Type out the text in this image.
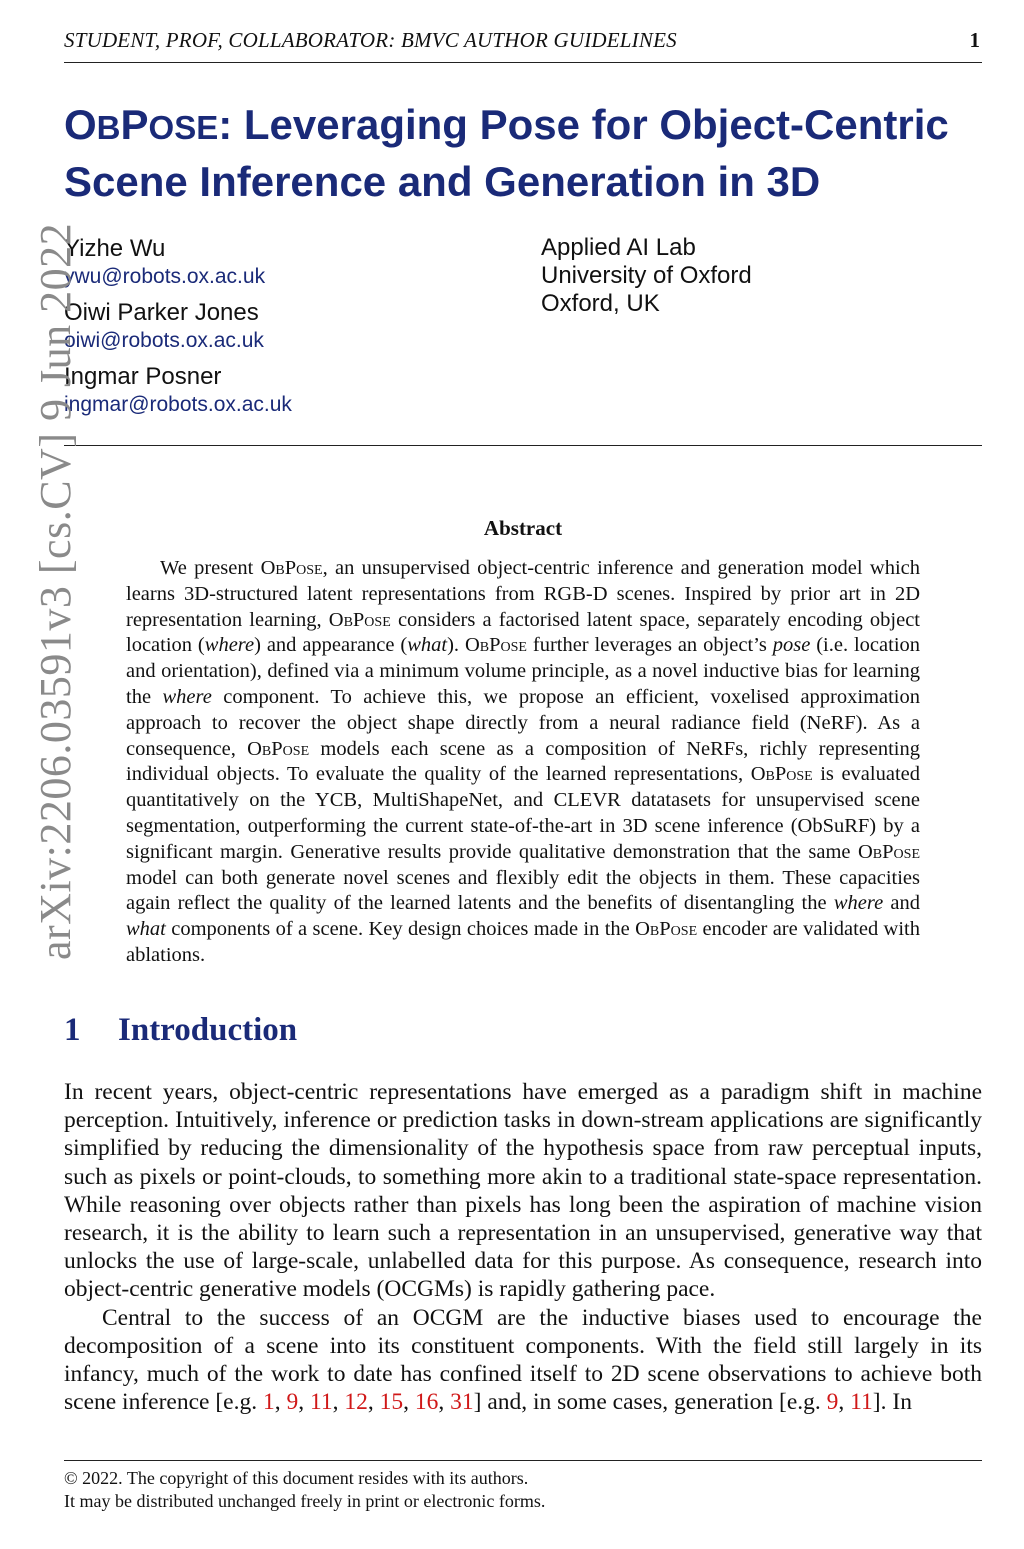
STUDENT, PROF, COLLABORATOR: BMVC AUTHOR GUIDELINES	1
OBPOSE: Leveraging Pose for Object-Centric
Scene Inference and Generation in 3D
Yizhe Wu
ywu@robots.ox.ac.uk
Oiwi Parker Jones
oiwi@robots.ox.ac.uk
Ingmar Posner
ingmar@robots.ox.ac.uk
Applied AI Lab
University of Oxford
Oxford, UK
Abstract
We present ObPose, an unsupervised object-centric inference and generation model which learns 3D-structured latent representations from RGB-D scenes. Inspired by prior art in 2D representation learning, ObPose considers a factorised latent space, separately encoding object location (where) and appearance (what). ObPose further leverages an object’s pose (i.e. location and orientation), defined via a minimum volume principle, as a novel inductive bias for learning the where component. To achieve this, we propose an efficient, voxelised approximation approach to recover the object shape directly from a neural radiance field (NeRF). As a consequence, ObPose models each scene as a composition of NeRFs, richly representing individual objects. To evaluate the quality of the learned representations, ObPose is evaluated quantitatively on the YCB, MultiShapeNet, and CLEVR datatasets for unsupervised scene segmentation, outperforming the current state-of-the-art in 3D scene inference (ObSuRF) by a significant margin. Generative results provide qualitative demonstration that the same ObPose model can both generate novel scenes and flexibly edit the objects in them. These capacities again reflect the quality of the learned latents and the benefits of disentangling the where and what components of a scene. Key design choices made in the ObPose encoder are validated with ablations.
1 Introduction

In recent years, object-centric representations have emerged as a paradigm shift in machine perception. Intuitively, inference or prediction tasks in down-stream applications are significantly simplified by reducing the dimensionality of the hypothesis space from raw perceptual inputs, such as pixels or point-clouds, to something more akin to a traditional state-space representation. While reasoning over objects rather than pixels has long been the aspiration of machine vision research, it is the ability to learn such a representation in an unsupervised, generative way that unlocks the use of large-scale, unlabelled data for this purpose. As consequence, research into object-centric generative models (OCGMs) is rapidly gathering pace.

Central to the success of an OCGM are the inductive biases used to encourage the decomposition of a scene into its constituent components. With the field still largely in its infancy, much of the work to date has confined itself to 2D scene observations to achieve both scene inference [e.g. 1, 9, 11, 12, 15, 16, 31] and, in some cases, generation [e.g. 9, 11]. In

© 2022. The copyright of this document resides with its authors.
It may be distributed unchanged freely in print or electronic forms.
arXiv:2206.03591v3 [cs.CV] 9 Jun 2022
